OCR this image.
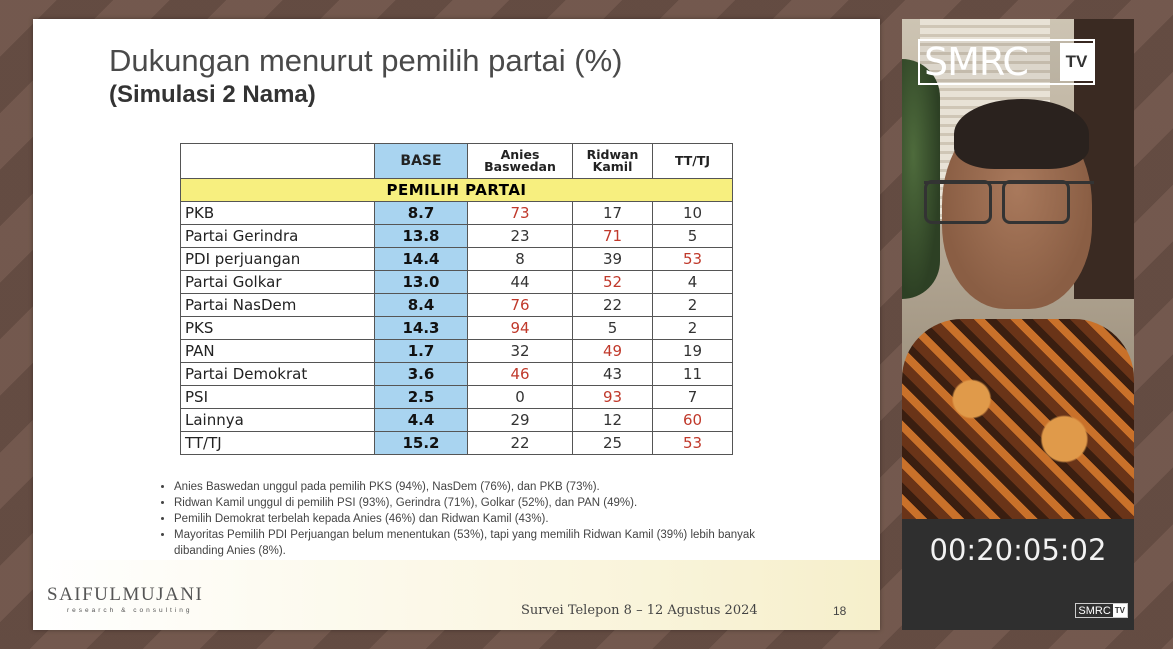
Dukungan menurut pemilih partai (%)
(Simulasi 2 Nama)
	BASE	Anies Baswedan	Ridwan Kamil	TT/TJ
PEMILIH PARTAI				
PKB	8.7	73	17	10
Partai Gerindra	13.8	23	71	5
PDI perjuangan	14.4	8	39	53
Partai Golkar	13.0	44	52	4
Partai NasDem	8.4	76	22	2
PKS	14.3	94	5	2
PAN	1.7	32	49	19
Partai Demokrat	3.6	46	43	11
PSI	2.5	0	93	7
Lainnya	4.4	29	12	60
TT/TJ	15.2	22	25	53
• Anies Baswedan unggul pada pemilih PKS (94%), NasDem (76%), dan PKB (73%).
• Ridwan Kamil unggul di pemilih PSI (93%), Gerindra (71%), Golkar (52%), dan PAN (49%).
• Pemilih Demokrat terbelah kepada Anies (46%) dan Ridwan Kamil (43%).
• Mayoritas Pemilih PDI Perjuangan belum menentukan (53%), tapi yang memilih Ridwan Kamil (39%) lebih banyak dibanding Anies (8%).
SAIFULMUJANI
research & consulting	Survei Telepon 8 – 12 Agustus 2024	18
SMRC	TV
00:20:05:02
SMRC TV
